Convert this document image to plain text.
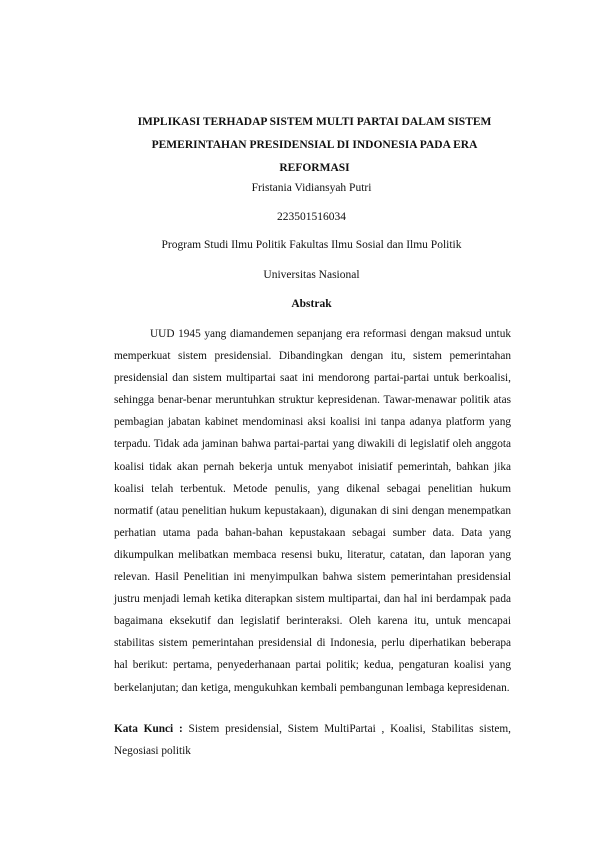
IMPLIKASI TERHADAP SISTEM MULTI PARTAI DALAM SISTEM PEMERINTAHAN PRESIDENSIAL DI INDONESIA PADA ERA REFORMASI
Fristania Vidiansyah Putri
223501516034
Program Studi Ilmu Politik Fakultas Ilmu Sosial dan Ilmu Politik
Universitas Nasional
Abstrak

UUD 1945 yang diamandemen sepanjang era reformasi dengan maksud untuk memperkuat sistem presidensial. Dibandingkan dengan itu, sistem pemerintahan presidensial dan sistem multipartai saat ini mendorong partai-partai untuk berkoalisi, sehingga benar-benar meruntuhkan struktur kepresidenan. Tawar-menawar politik atas pembagian jabatan kabinet mendominasi aksi koalisi ini tanpa adanya platform yang terpadu. Tidak ada jaminan bahwa partai-partai yang diwakili di legislatif oleh anggota koalisi tidak akan pernah bekerja untuk menyabot inisiatif pemerintah, bahkan jika koalisi telah terbentuk. Metode penulis, yang dikenal sebagai penelitian hukum normatif (atau penelitian hukum kepustakaan), digunakan di sini dengan menempatkan perhatian utama pada bahan-bahan kepustakaan sebagai sumber data. Data yang dikumpulkan melibatkan membaca resensi buku, literatur, catatan, dan laporan yang relevan. Hasil Penelitian ini menyimpulkan bahwa sistem pemerintahan presidensial justru menjadi lemah ketika diterapkan sistem multipartai, dan hal ini berdampak pada bagaimana eksekutif dan legislatif berinteraksi. Oleh karena itu, untuk mencapai stabilitas sistem pemerintahan presidensial di Indonesia, perlu diperhatikan beberapa hal berikut: pertama, penyederhanaan partai politik; kedua, pengaturan koalisi yang berkelanjutan; dan ketiga, mengukuhkan kembali pembangunan lembaga kepresidenan.

Kata Kunci : Sistem presidensial, Sistem MultiPartai , Koalisi, Stabilitas sistem, Negosiasi politik
